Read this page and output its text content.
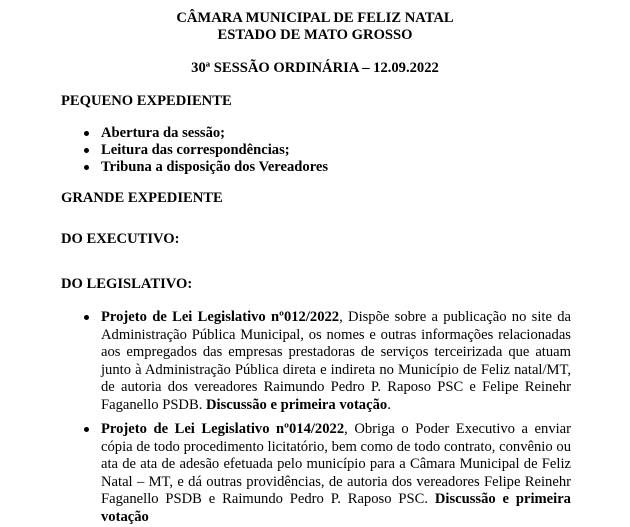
CÂMARA MUNICIPAL DE FELIZ NATAL
ESTADO DE MATO GROSSO
30ª SESSÃO ORDINÁRIA – 12.09.2022
PEQUENO EXPEDIENTE
Abertura da sessão;
Leitura das correspondências;
Tribuna a disposição dos Vereadores
GRANDE EXPEDIENTE
DO EXECUTIVO:
DO LEGISLATIVO:
Projeto de Lei Legislativo nº012/2022, Dispõe sobre a publicação no site da Administração Pública Municipal, os nomes e outras informações relacionadas aos empregados das empresas prestadoras de serviços terceirizada que atuam junto à Administração Pública direta e indireta no Município de Feliz natal/MT, de autoria dos vereadores Raimundo Pedro P. Raposo PSC e Felipe Reinehr Faganello PSDB. Discussão e primeira votação.
Projeto de Lei Legislativo nº014/2022, Obriga o Poder Executivo a enviar cópia de todo procedimento licitatório, bem como de todo contrato, convênio ou ata de ata de adesão efetuada pelo município para a Câmara Municipal de Feliz Natal – MT, e dá outras providências, de autoria dos vereadores Felipe Reinehr Faganello PSDB e Raimundo Pedro P. Raposo PSC. Discussão e primeira votação
